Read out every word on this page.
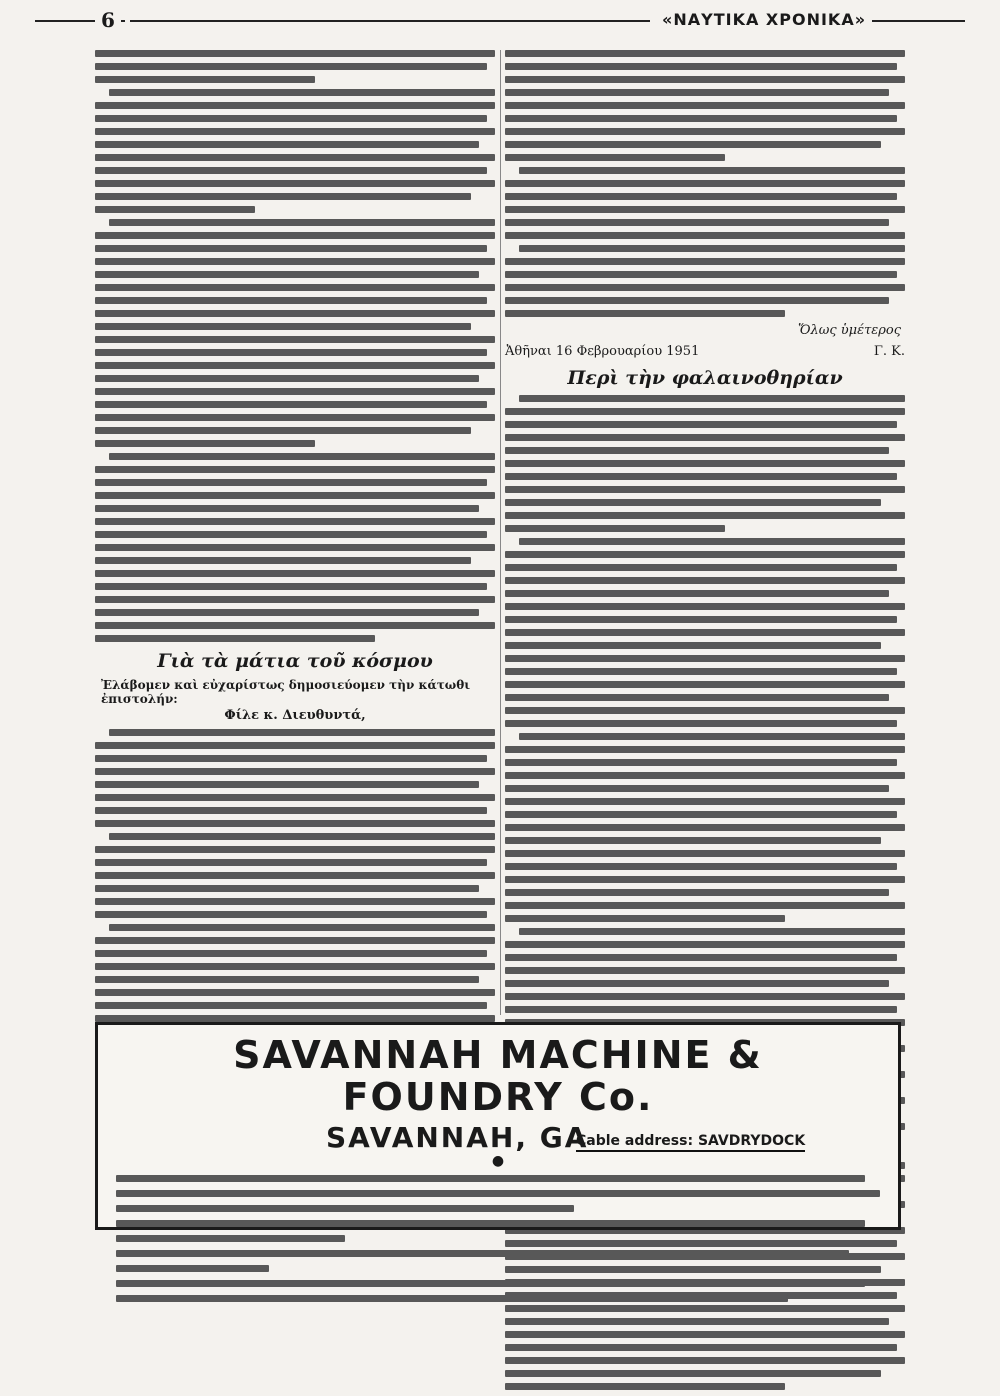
6	«ΝΑΥΤΙΚΑ ΧΡΟΝΙΚΑ»
Γιὰ τὰ μάτια τοῦ κόσμου
Ἐλάβομεν καὶ εὐχαρίστως δημοσιεύομεν τὴν κάτωθι ἐπιστολήν:
Φίλε κ. Διευθυντά,
Ὅλως ὑμέτερος
Ἀθῆναι 16 Φεβρουαρίου 1951	Γ. Κ.
Περὶ τὴν φαλαινοθηρίαν
SAVANNAH MACHINE & FOUNDRY Co.
SAVANNAH, GA
Cable address: SAVDRYDOCK
●
